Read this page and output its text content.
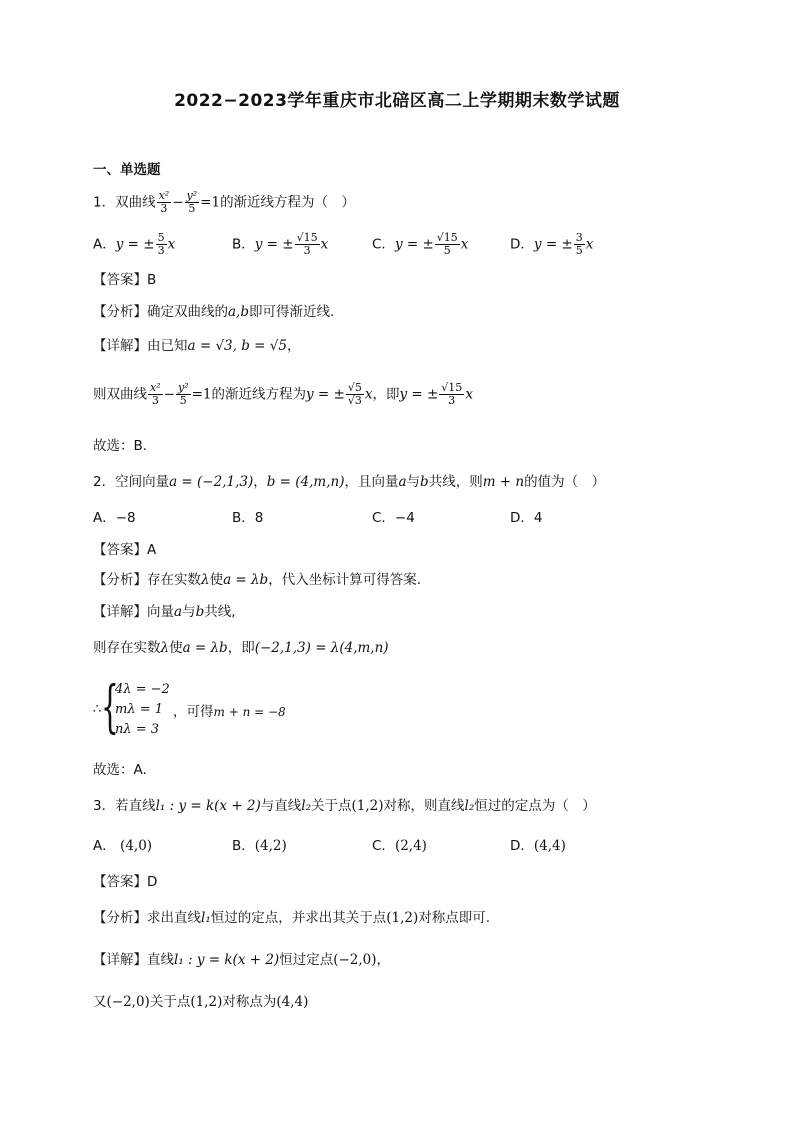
2022−2023学年重庆市北碚区高二上学期期末数学试题
一、单选题
1．双曲线 $\frac{\text{x²}}{3} - \frac{\text{y²}}{5} =1$的渐近线方程为（　）
A．y = ± $\frac{5}{3}$ x	B．y = ± $\frac{√15}{3}$ x	C．y = ± $\frac{√15}{5}$ x	D．y = ± $\frac{3}{5}$ x
【答案】B
【分析】确定双曲线的a,b即可得渐近线.
【详解】由已知a = √3, b = √5，
则双曲线 $\frac{\text{x²}}{3} - \frac{\text{y²}}{5} =1$的渐近线方程为y = ± $\frac{√5}{√3}$ x，即y = ± $\frac{√15}{3}$ x
故选：B.
2．空间向量a = (−2,1,3)，b = (4,m,n)，且向量a与b共线，则m + n的值为（　）
A．−8	B．8	C．−4	D．4
【答案】A
【分析】存在实数λ使a = λb，代入坐标计算可得答案.
【详解】向量a与b共线,
则存在实数λ使a = λb，即(−2,1,3) = λ(4,m,n)
∴ {
4λ = −2
mλ = 1
nλ = 3
，可得m + n = −8
故选：A.
3．若直线l₁ : y = k(x + 2)与直线l₂关于点(1,2)对称，则直线l₂恒过的定点为（　）
A． (4,0)	B．(4,2)	C．(2,4)	D．(4,4)
【答案】D
【分析】求出直线l₁恒过的定点，并求出其关于点(1,2)对称点即可.
【详解】直线l₁ : y = k(x + 2)恒过定点(−2,0)，
又(−2,0)关于点(1,2)对称点为(4,4)
